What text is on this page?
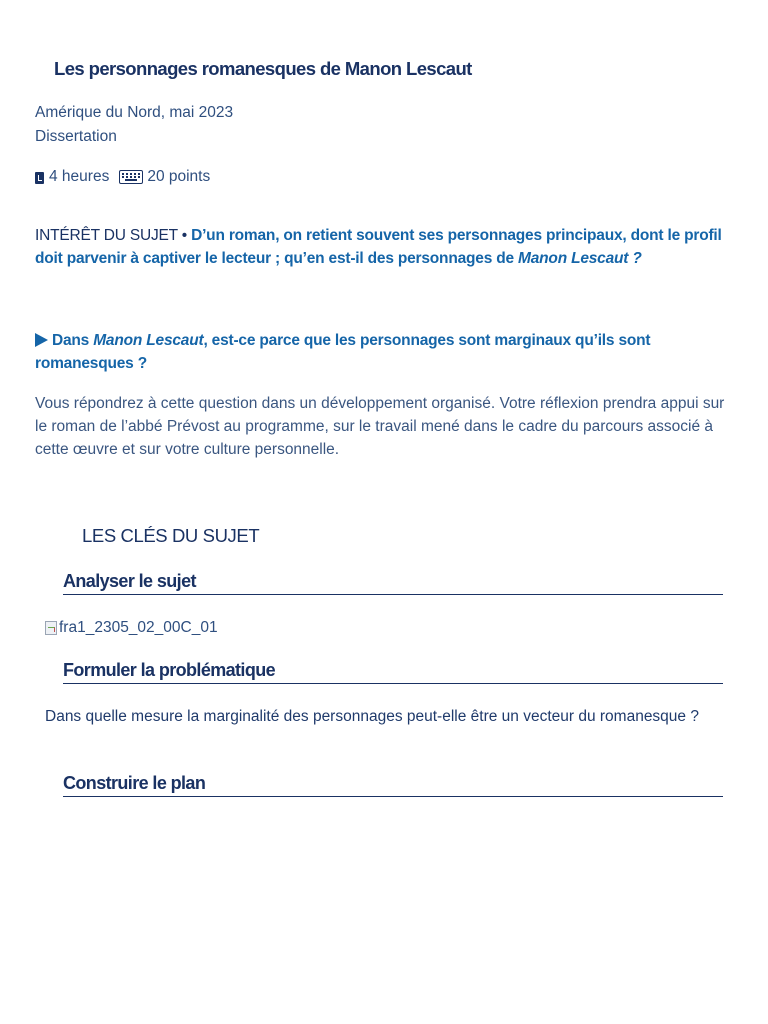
Les personnages romanesques de Manon Lescaut
Amérique du Nord, mai 2023
Dissertation
4 heures 20 points

INTÉRÊT DU SUJET • D’un roman, on retient souvent ses personnages principaux, dont le profil doit parvenir à captiver le lecteur ; qu’en est-il des personnages de Manon Lescaut ?

Dans Manon Lescaut, est-ce parce que les personnages sont marginaux qu’ils sont romanesques ?

Vous répondrez à cette question dans un développement organisé. Votre réflexion prendra appui sur le roman de l’abbé Prévost au programme, sur le travail mené dans le cadre du parcours associé à cette œuvre et sur votre culture personnelle.

LES CLÉS DU SUJET
Analyser le sujet
fra1_2305_02_00C_01
Formuler la problématique

Dans quelle mesure la marginalité des personnages peut-elle être un vecteur du romanesque ?

Construire le plan
